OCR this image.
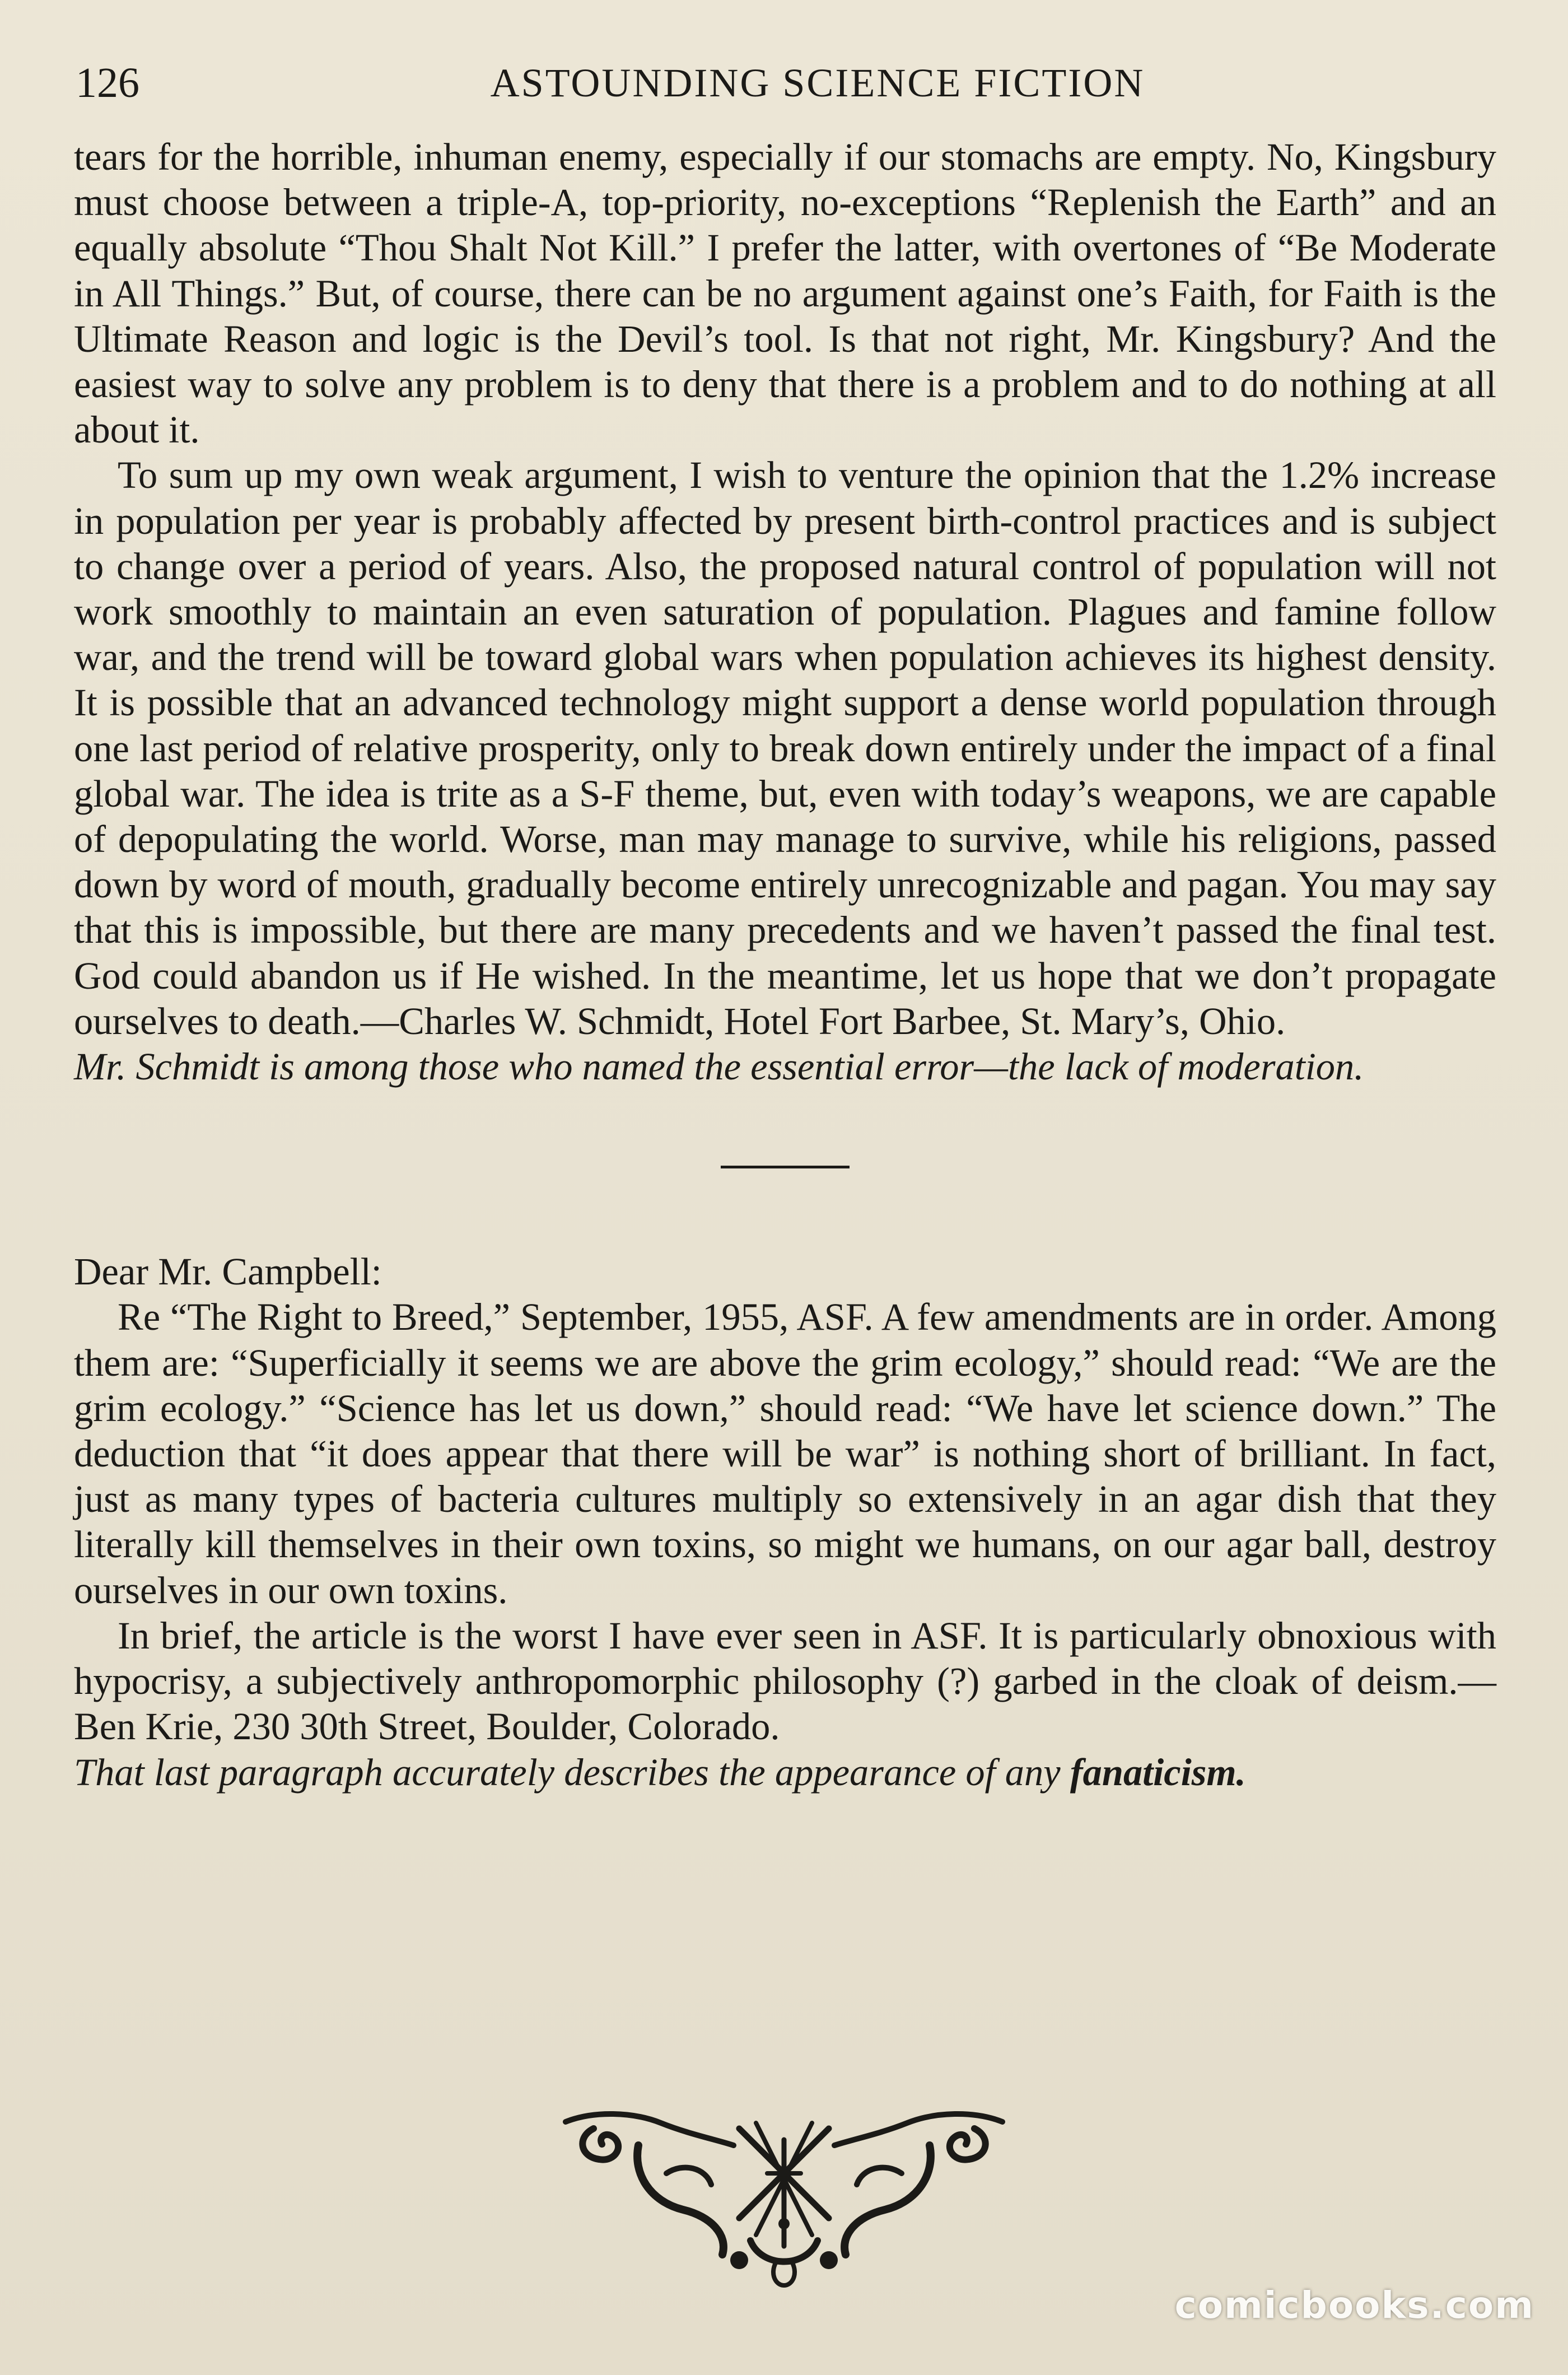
126	ASTOUNDING SCIENCE FICTION

tears for the horrible, inhuman enemy, especially if our stomachs are empty. No, Kingsbury must choose between a triple-A, top-priority, no-exceptions “Replenish the Earth” and an equally absolute “Thou Shalt Not Kill.” I prefer the latter, with overtones of “Be Moderate in All Things.” But, of course, there can be no argument against one’s Faith, for Faith is the Ultimate Reason and logic is the Devil’s tool. Is that not right, Mr. Kingsbury? And the easiest way to solve any problem is to deny that there is a problem and to do nothing at all about it.

To sum up my own weak argument, I wish to venture the opinion that the 1.2% increase in population per year is probably affected by present birth-control practices and is subject to change over a period of years. Also, the proposed natural control of population will not work smoothly to maintain an even saturation of population. Plagues and famine follow war, and the trend will be toward global wars when population achieves its highest density. It is possible that an advanced technology might support a dense world population through one last period of relative prosperity, only to break down entirely under the impact of a final global war. The idea is trite as a S-F theme, but, even with today’s weapons, we are capable of depopulating the world. Worse, man may manage to survive, while his religions, passed down by word of mouth, gradually become entirely unrecognizable and pagan. You may say that this is impossible, but there are many precedents and we haven’t passed the final test. God could abandon us if He wished. In the meantime, let us hope that we don’t propagate ourselves to death.—Charles W. Schmidt, Hotel Fort Barbee, St. Mary’s, Ohio.

Mr. Schmidt is among those who named the essential error—the lack of moderation.

Dear Mr. Campbell:

Re “The Right to Breed,” September, 1955, ASF. A few amendments are in order. Among them are: “Superficially it seems we are above the grim ecology,” should read: “We are the grim ecology.” “Science has let us down,” should read: “We have let science down.” The deduction that “it does appear that there will be war” is nothing short of brilliant. In fact, just as many types of bacteria cultures multiply so extensively in an agar dish that they literally kill themselves in their own toxins, so might we humans, on our agar ball, destroy ourselves in our own toxins.

In brief, the article is the worst I have ever seen in ASF. It is particularly obnoxious with hypocrisy, a subjectively anthropomorphic philosophy (?) garbed in the cloak of deism.—Ben Krie, 230 30th Street, Boulder, Colorado.

That last paragraph accurately describes the appearance of any fanaticism.

comicbooks.com
